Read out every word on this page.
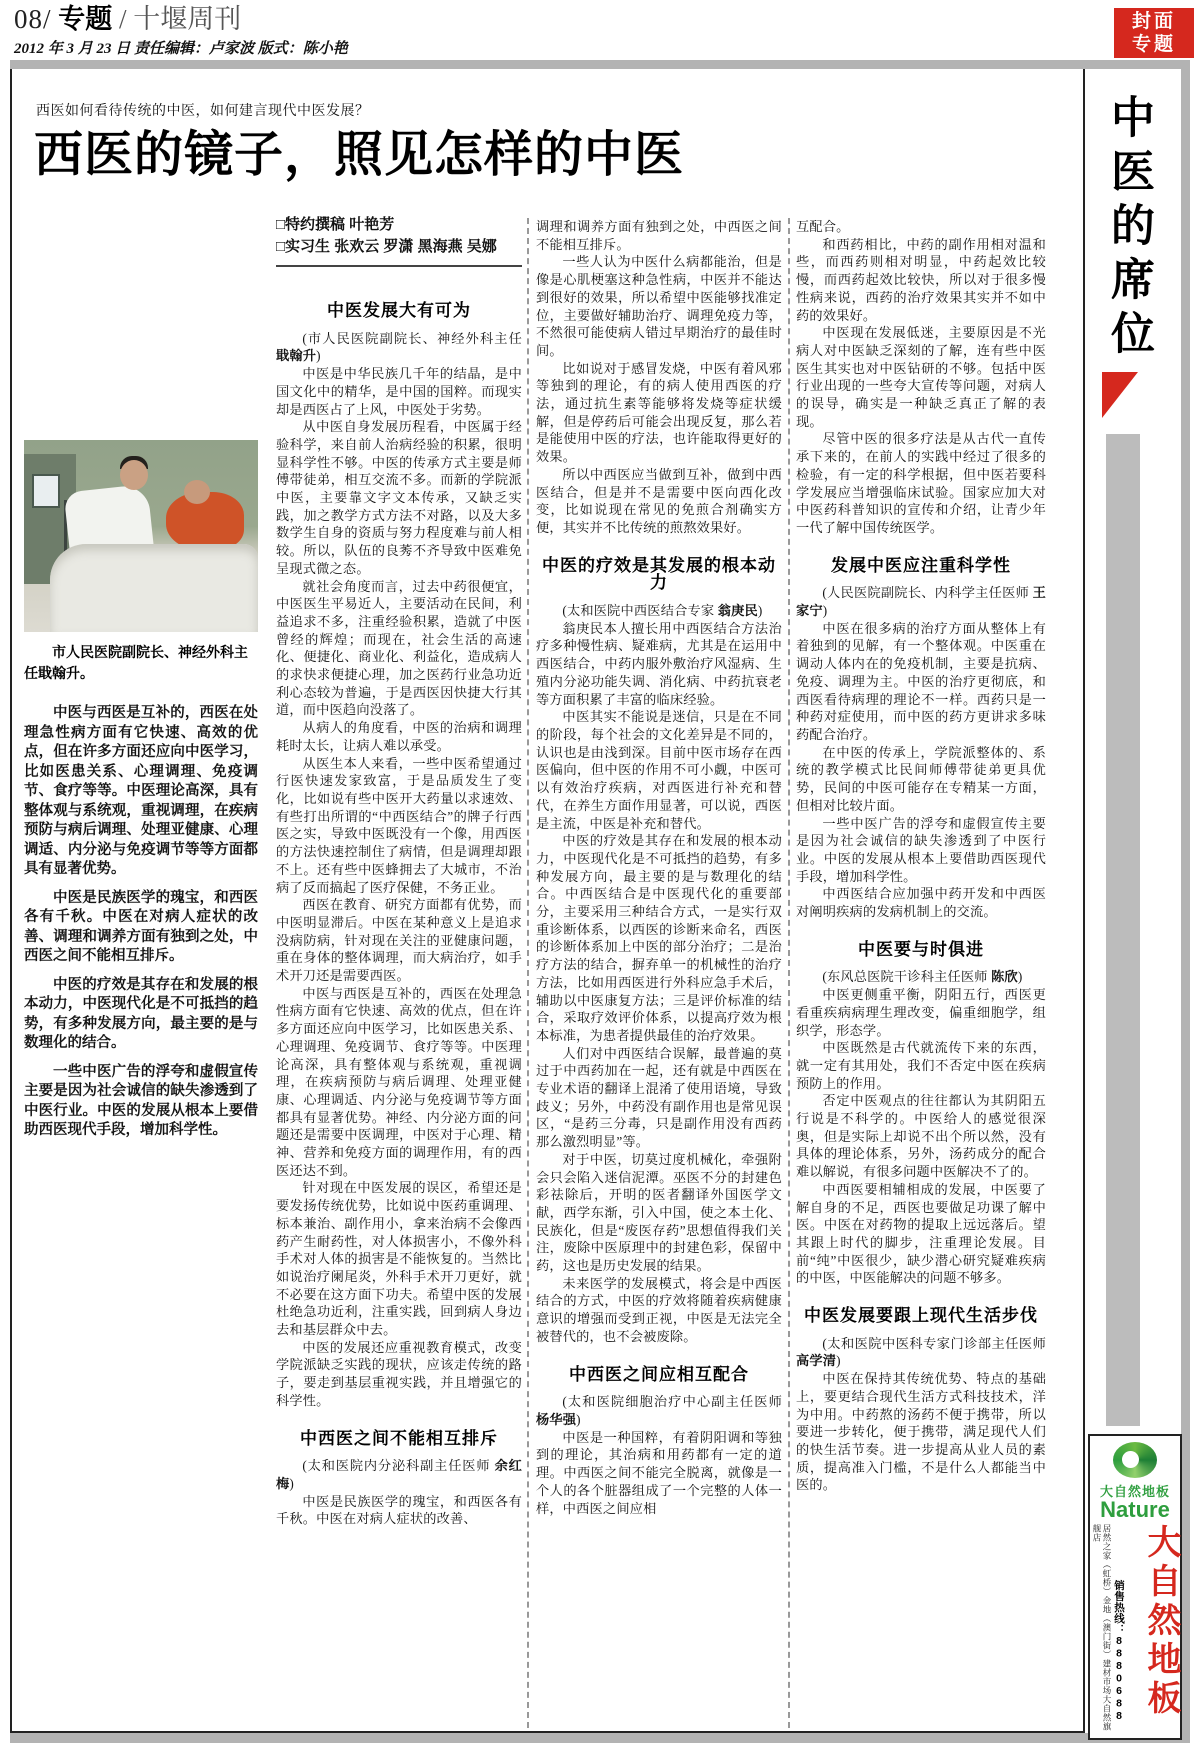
08/ 专题 / 十堰周刊
2012 年 3 月 23 日 责任编辑：卢家波 版式：陈小艳
封面
专题
西医如何看待传统的中医，如何建言现代中医发展？
西医的镜子，照见怎样的中医
□特约撰稿 叶艳芳
□实习生 张欢云 罗潇 黑海燕 吴娜
市人民医院副院长、神经外科主任戢翰升。

中医与西医是互补的，西医在处理急性病方面有它快速、高效的优点，但在许多方面还应向中医学习，比如医患关系、心理调理、免疫调节、食疗等等。中医理论高深，具有整体观与系统观，重视调理，在疾病预防与病后调理、处理亚健康、心理调适、内分泌与免疫调节等等方面都具有显著优势。

中医是民族医学的瑰宝，和西医各有千秋。中医在对病人症状的改善、调理和调养方面有独到之处，中西医之间不能相互排斥。

中医的疗效是其存在和发展的根本动力，中医现代化是不可抵挡的趋势，有多种发展方向，最主要的是与数理化的结合。

一些中医广告的浮夸和虚假宣传主要是因为社会诚信的缺失渗透到了中医行业。中医的发展从根本上要借助西医现代手段，增加科学性。

中医发展大有可为
(市人民医院副院长、神经外科主任 戢翰升)

中医是中华民族几千年的结晶，是中国文化中的精华，是中国的国粹。而现实却是西医占了上风，中医处于劣势。

从中医自身发展历程看，中医属于经验科学，来自前人治病经验的积累，很明显科学性不够。中医的传承方式主要是师傅带徒弟，相互交流不多。而新的学院派中医，主要靠文字文本传承，又缺乏实践，加之教学方式方法不对路，以及大多数学生自身的资质与努力程度难与前人相较。所以，队伍的良莠不齐导致中医难免呈现式微之态。

就社会角度而言，过去中药很便宜，中医医生平易近人，主要活动在民间，利益追求不多，注重经验积累，造就了中医曾经的辉煌；而现在，社会生活的高速化、便捷化、商业化、利益化，造成病人的求快求便捷心理，加之医药行业急功近利心态较为普遍，于是西医因快捷大行其道，而中医趋向没落了。

从病人的角度看，中医的治病和调理耗时太长，让病人难以承受。

从医生本人来看，一些中医希望通过行医快速发家致富，于是品质发生了变化，比如说有些中医开大药量以求速效、有些打出所谓的“中西医结合”的牌子行西医之实，导致中医既没有一个像，用西医的方法快速控制住了病情，但是调理却跟不上。还有些中医蜂拥去了大城市，不治病了反而搞起了医疗保健，不务正业。

西医在教育、研究方面都有优势，而中医明显滞后。中医在某种意义上是追求没病防病，针对现在关注的亚健康问题，重在身体的整体调理，而大病治疗，如手术开刀还是需要西医。

中医与西医是互补的，西医在处理急性病方面有它快速、高效的优点，但在许多方面还应向中医学习，比如医患关系、心理调理、免疫调节、食疗等等。中医理论高深，具有整体观与系统观，重视调理，在疾病预防与病后调理、处理亚健康、心理调适、内分泌与免疫调节等方面都具有显著优势。神经、内分泌方面的问题还是需要中医调理，中医对于心理、精神、营养和免疫方面的调理作用，有的西医还达不到。

针对现在中医发展的误区，希望还是要发扬传统优势，比如说中医药重调理、标本兼治、副作用小，拿来治病不会像西药产生耐药性，对人体损害小，不像外科手术对人体的损害是不能恢复的。当然比如说治疗阑尾炎，外科手术开刀更好，就不必要在这方面下功夫。希望中医的发展杜绝急功近利，注重实践，回到病人身边去和基层群众中去。

中医的发展还应重视教育模式，改变学院派缺乏实践的现状，应该走传统的路子，要走到基层重视实践，并且增强它的科学性。

中西医之间不能相互排斥
(太和医院内分泌科副主任医师 余红梅)

中医是民族医学的瑰宝，和西医各有千秋。中医在对病人症状的改善、

调理和调养方面有独到之处，中西医之间不能相互排斥。

一些人认为中医什么病都能治，但是像是心肌梗塞这种急性病，中医并不能达到很好的效果，所以希望中医能够找准定位，主要做好辅助治疗、调理免疫力等，不然很可能使病人错过早期治疗的最佳时间。

比如说对于感冒发烧，中医有着风邪等独到的理论，有的病人使用西医的疗法，通过抗生素等能够将发烧等症状缓解，但是停药后可能会出现反复，那么若是能使用中医的疗法，也许能取得更好的效果。

所以中西医应当做到互补，做到中西医结合，但是并不是需要中医向西化改变，比如说现在常见的免煎合剂确实方便，其实并不比传统的煎熬效果好。

中医的疗效是其发展的根本动力
(太和医院中西医结合专家 翁庚民)

翁庚民本人擅长用中西医结合方法治疗多种慢性病、疑难病，尤其是在运用中西医结合，中药内服外敷治疗风湿病、生殖内分泌功能失调、消化病、中药抗衰老等方面积累了丰富的临床经验。

中医其实不能说是迷信，只是在不同的阶段，每个社会的文化差异是不同的，认识也是由浅到深。目前中医市场存在西医偏向，但中医的作用不可小觑，中医可以有效治疗疾病，对西医进行补充和替代，在养生方面作用显著，可以说，西医是主流，中医是补充和替代。

中医的疗效是其存在和发展的根本动力，中医现代化是不可抵挡的趋势，有多种发展方向，最主要的是与数理化的结合。中西医结合是中医现代化的重要部分，主要采用三种结合方式，一是实行双重诊断体系，以西医的诊断来命名，西医的诊断体系加上中医的部分治疗；二是治疗方法的结合，摒弃单一的机械性的治疗方法，比如用西医进行外科应急手术后，辅助以中医康复方法；三是评价标准的结合，采取疗效评价体系，以提高疗效为根本标准，为患者提供最佳的治疗效果。

人们对中西医结合误解，最普遍的莫过于中西药加在一起，还有就是中西医在专业术语的翻译上混淆了使用语境，导致歧义；另外，中药没有副作用也是常见误区，“是药三分毒，只是副作用没有西药那么激烈明显”等。

对于中医，切莫过度机械化，牵强附会只会陷入迷信泥潭。巫医不分的封建色彩祛除后，开明的医者翻译外国医学文献，西学东渐，引入中国，使之本土化、民族化，但是“废医存药”思想值得我们关注，废除中医原理中的封建色彩，保留中药，这也是历史发展的结果。

未来医学的发展模式，将会是中西医结合的方式，中医的疗效将随着疾病健康意识的增强而受到正视，中医是无法完全被替代的，也不会被废除。

中西医之间应相互配合
(太和医院细胞治疗中心副主任医师 杨华强)

中医是一种国粹，有着阴阳调和等独到的理论，其治病和用药都有一定的道理。中西医之间不能完全脱离，就像是一个人的各个脏器组成了一个完整的人体一样，中西医之间应相

互配合。

和西药相比，中药的副作用相对温和些，而西药则相对明显，中药起效比较慢，而西药起效比较快，所以对于很多慢性病来说，西药的治疗效果其实并不如中药的效果好。

中医现在发展低迷，主要原因是不光病人对中医缺乏深刻的了解，连有些中医医生其实也对中医钻研的不够。包括中医行业出现的一些夸大宣传等问题，对病人的误导，确实是一种缺乏真正了解的表现。

尽管中医的很多疗法是从古代一直传承下来的，在前人的实践中经过了很多的检验，有一定的科学根据，但中医若要科学发展应当增强临床试验。国家应加大对中医药科普知识的宣传和介绍，让青少年一代了解中国传统医学。

发展中医应注重科学性
(人民医院副院长、内科学主任医师 王家宁)

中医在很多病的治疗方面从整体上有着独到的见解，有一个整体观。中医重在调动人体内在的免疫机制，主要是抗病、免疫、调理为主。中医的治疗更彻底，和西医看待病理的理论不一样。西药只是一种药对症使用，而中医的药方更讲求多味药配合治疗。

在中医的传承上，学院派整体的、系统的教学模式比民间师傅带徒弟更具优势，民间的中医可能存在专精某一方面，但相对比较片面。

一些中医广告的浮夸和虚假宣传主要是因为社会诚信的缺失渗透到了中医行业。中医的发展从根本上要借助西医现代手段，增加科学性。

中西医结合应加强中药开发和中西医对阐明疾病的发病机制上的交流。

中医要与时俱进
(东风总医院干诊科主任医师 陈欣)

中医更侧重平衡，阴阳五行，西医更看重疾病病理生理改变，偏重细胞学，组织学，形态学。

中医既然是古代就流传下来的东西，就一定有其用处，我们不否定中医在疾病预防上的作用。

否定中医观点的往往都认为其阴阳五行说是不科学的。中医给人的感觉很深奥，但是实际上却说不出个所以然，没有具体的理论体系，另外，汤药成分的配合难以解说，有很多问题中医解决不了的。

中西医要相辅相成的发展，中医要了解自身的不足，西医也要做足功课了解中医。中医在对药物的提取上远远落后。望其跟上时代的脚步，注重理论发展。目前“纯”中医很少，缺少潜心研究疑难疾病的中医，中医能解决的问题不够多。

中医发展要跟上现代生活步伐
(太和医院中医科专家门诊部主任医师 高学清)

中医在保持其传统优势、特点的基础上，要更结合现代生活方式科技技术，洋为中用。中药熬的汤药不便于携带，所以要进一步转化，便于携带，满足现代人们的快生活节奏。进一步提高从业人员的素质，提高准入门槛，不是什么人都能当中医的。

中医的席位
大自然地板
Nature
居然之家（虹桥）金地（澳门街）建材市场大自然旗舰店
销售热线：8880688 大自然地板
